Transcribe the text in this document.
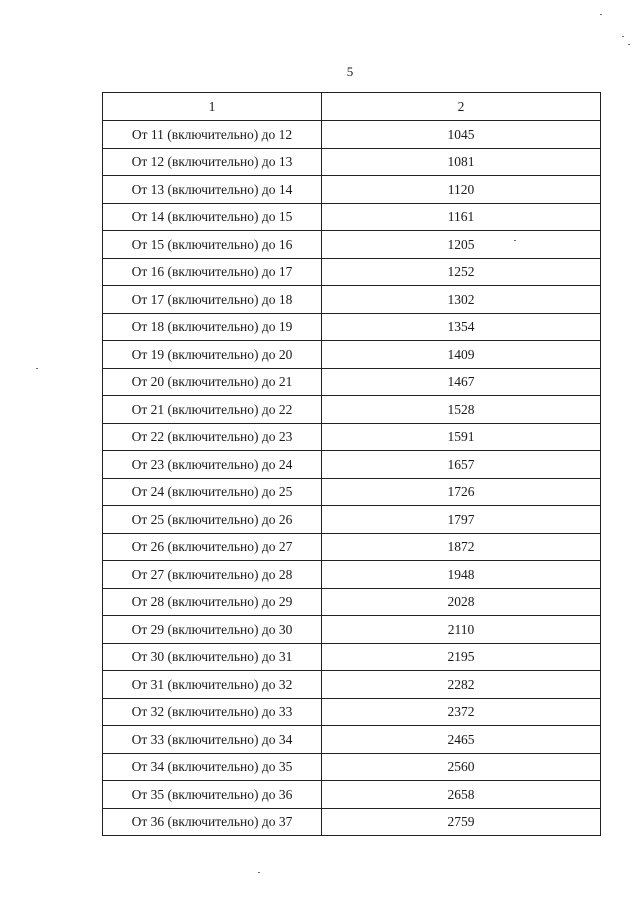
5
1	2
От 11 (включительно) до 12	1045
От 12 (включительно) до 13	1081
От 13 (включительно) до 14	1120
От 14 (включительно) до 15	1161
От 15 (включительно) до 16	1205
От 16 (включительно) до 17	1252
От 17 (включительно) до 18	1302
От 18 (включительно) до 19	1354
От 19 (включительно) до 20	1409
От 20 (включительно) до 21	1467
От 21 (включительно) до 22	1528
От 22 (включительно) до 23	1591
От 23 (включительно) до 24	1657
От 24 (включительно) до 25	1726
От 25 (включительно) до 26	1797
От 26 (включительно) до 27	1872
От 27 (включительно) до 28	1948
От 28 (включительно) до 29	2028
От 29 (включительно) до 30	2110
От 30 (включительно) до 31	2195
От 31 (включительно) до 32	2282
От 32 (включительно) до 33	2372
От 33 (включительно) до 34	2465
От 34 (включительно) до 35	2560
От 35 (включительно) до 36	2658
От 36 (включительно) до 37	2759
